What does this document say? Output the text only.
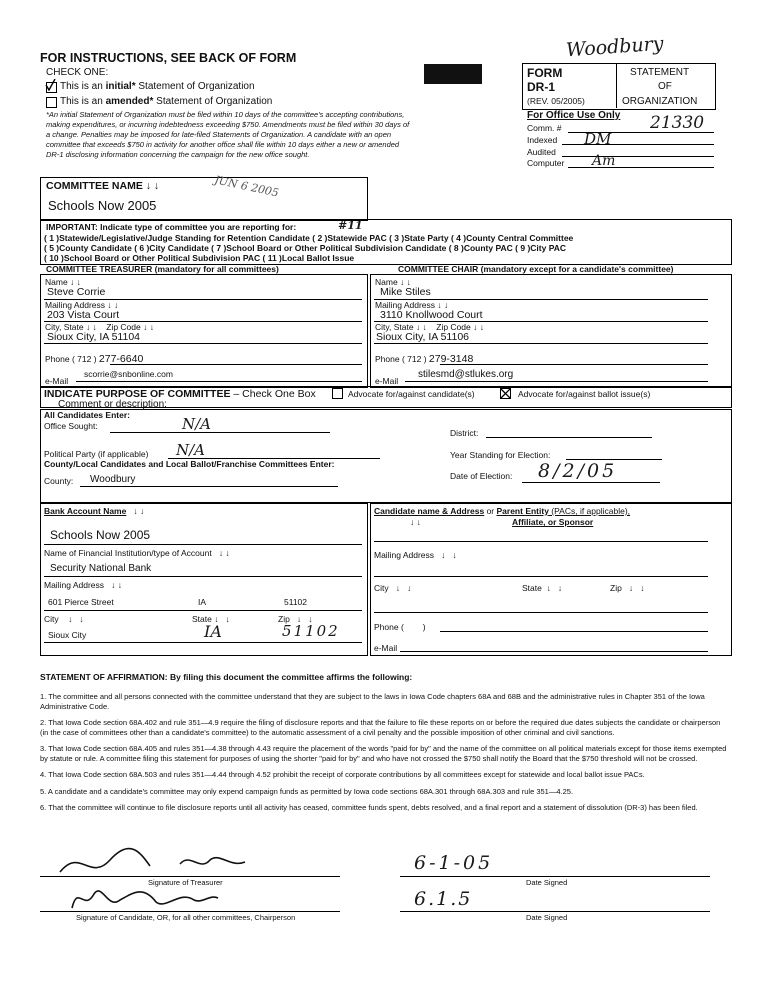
FOR INSTRUCTIONS, SEE BACK OF FORM
CHECK ONE:
This is an initial* Statement of Organization
This is an amended* Statement of Organization
*An initial Statement of Organization must be filed within 10 days of the committee's accepting contributions,
making expenditures, or incurring indebtedness exceeding $750. Amendments must be filed within 30 days of
a change. Penalties may be imposed for late-filed Statements of Organization. A candidate with an open
committee that exceeds $750 in activity for another office shall file within 10 days either a new or amended
DR-1 disclosing information concerning the campaign for the new office sought.
Woodbury
FORM
DR-1
(REV. 05/2005)
STATEMENT
OF
ORGANIZATION
For Office Use Only
Comm. #	21330
Indexed DM
Audited
Computer Am
COMMITTEE NAME ↓ ↓
Schools Now 2005
JUN 6 2005
IMPORTANT: Indicate type of committee you are reporting for:	#11
( 1 )Statewide/Legislative/Judge Standing for Retention Candidate ( 2 )Statewide PAC ( 3 )State Party ( 4 )County Central Committee
( 5 )County Candidate ( 6 )City Candidate ( 7 )School Board or Other Political Subdivision Candidate ( 8 )County PAC ( 9 )City PAC
( 10 )School Board or Other Political Subdivision PAC ( 11 )Local Ballot Issue
COMMITTEE TREASURER (mandatory for all committees)	COMMITTEE CHAIR (mandatory except for a candidate's committee)
Name ↓ ↓
Steve Corrie
Mailing Address ↓ ↓
203 Vista Court
City, State ↓ ↓    Zip Code ↓ ↓
Sioux City, IA 51104
Phone ( 712 ) 277-6640
e-Mail
scorrie@snbonline.com
Name ↓ ↓
Mike Stiles
Mailing Address ↓ ↓
3110 Knollwood Court
City, State ↓ ↓    Zip Code ↓ ↓
Sioux City, IA 51106
Phone ( 712 ) 279-3148
e-Mail
stilesmd@stlukes.org
INDICATE PURPOSE OF COMMITTEE – Check One Box	Advocate for/against candidate(s)	Advocate for/against ballot issue(s)
Comment or description:
All Candidates Enter:
Office Sought:	N/A	District:
Political Party (if applicable) N/A	Year Standing for Election:
County/Local Candidates and Local Ballot/Franchise Committees Enter:
County: Woodbury	Date of Election: 8/2/05
Bank Account Name   ↓ ↓
Schools Now 2005
Name of Financial Institution/type of Account   ↓ ↓
Security National Bank
Mailing Address   ↓ ↓
601 Pierce Street	IA	51102
City    ↓   ↓	State ↓   ↓	Zip   ↓   ↓
Sioux City	IA	51102
Candidate name & Address or Parent Entity (PACs, if applicable),
↓ ↓	Affiliate, or Sponsor
Mailing Address   ↓   ↓
City   ↓   ↓	State  ↓   ↓	Zip   ↓   ↓
Phone ( )
e-Mail
STATEMENT OF AFFIRMATION: By filing this document the committee affirms the following:
1. The committee and all persons connected with the committee understand that they are subject to the laws in Iowa Code chapters 68A and 68B and the administrative rules in Chapter 351 of the Iowa Administrative Code.
2. That Iowa Code section 68A.402 and rule 351—4.9 require the filing of disclosure reports and that the failure to file these reports on or before the required due dates subjects the candidate or chairperson (in the case of committees other than a candidate's committee) to the automatic assessment of a civil penalty and the possible imposition of other criminal and civil sanctions.
3. That Iowa Code section 68A.405 and rules 351—4.38 through 4.43 require the placement of the words "paid for by" and the name of the committee on all political materials except for those items exempted by statute or rule. A committee filing this statement for purposes of using the shorter "paid for by" and who have not crossed the $750 shall notify the Board that the $750 threshold will not be crossed.
4. That Iowa Code section 68A.503 and rules 351—4.44 through 4.52 prohibit the receipt of corporate contributions by all committees except for statewide and local ballot issue PACs.
5. A candidate and a candidate's committee may only expend campaign funds as permitted by Iowa code sections 68A.301 through 68A.303 and rule 351—4.25.
6. That the committee will continue to file disclosure reports until all activity has ceased, committee funds spent, debts resolved, and a final report and a statement of dissolution (DR-3) has been filed.
Signature of Treasurer
6-1-05
Date Signed
Signature of Candidate, OR, for all other committees, Chairperson
6.1.5
Date Signed
